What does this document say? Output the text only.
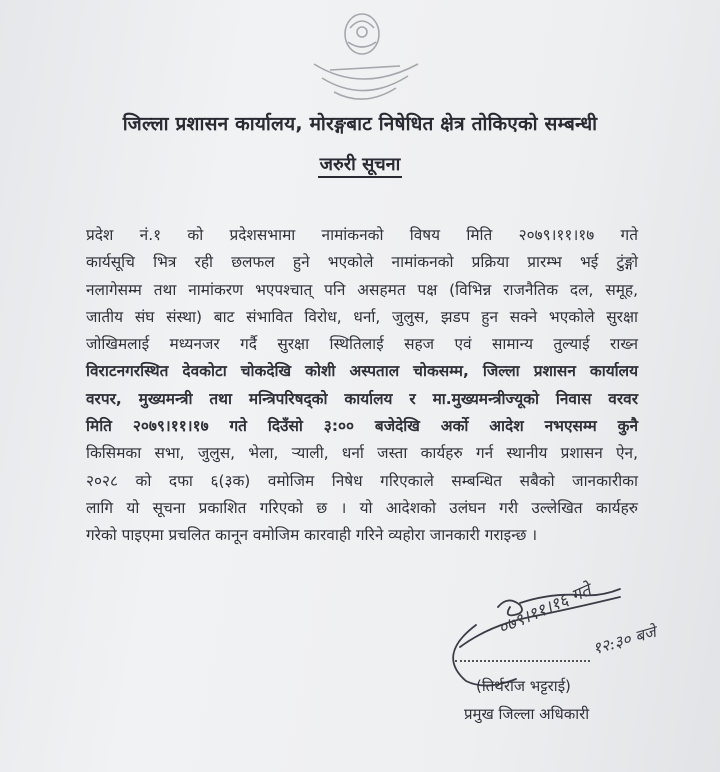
जिल्ला प्रशासन कार्यालय, मोरङ्गबाट निषेधित क्षेत्र तोकिएको सम्बन्धी
जरुरी सूचना
प्रदेश नं.१ को प्रदेशसभामा नामांकनको विषय मिति २०७९।११।१७ गते
कार्यसूचि भित्र रही छलफल हुने भएकोले नामांकनको प्रक्रिया प्रारम्भ भई टुंङ्गो
नलागेसम्म तथा नामांकरण भएपश्चात् पनि असहमत पक्ष (विभिन्न राजनैतिक दल, समूह,
जातीय संघ संस्था) बाट संभावित विरोध, धर्ना, जुलुस, झडप हुन सक्ने भएकोले सुरक्षा
जोखिमलाई मध्यनजर गर्दै सुरक्षा स्थितिलाई सहज एवं सामान्य तुल्याई राख्न
विराटनगरस्थित देवकोटा चोकदेखि कोशी अस्पताल चोकसम्म, जिल्ला प्रशासन कार्यालय
वरपर, मुख्यमन्त्री तथा मन्त्रिपरिषद्को कार्यालय र मा.मुख्यमन्त्रीज्यूको निवास वरवर
मिति २०७९।११।१७ गते दिउँसो ३:०० बजेदेखि अर्को आदेश नभएसम्म कुनै
किसिमका सभा, जुलुस, भेला, र्‍याली, धर्ना जस्ता कार्यहरु गर्न स्थानीय प्रशासन ऐन,
२०२८ को दफा ६(३क) वमोजिम निषेध गरिएकाले सम्बन्धित सबैको जानकारीका
लागि यो सूचना प्रकाशित गरिएको छ । यो आदेशको उलंघन गरी उल्लेखित कार्यहरु
गरेको पाइएमा प्रचलित कानून वमोजिम कारवाही गरिने व्यहोरा जानकारी गराइन्छ ।
०७९।११।१६ गते
१२:३० बजे
(तिर्थराज भट्टराई)
प्रमुख जिल्ला अधिकारी
